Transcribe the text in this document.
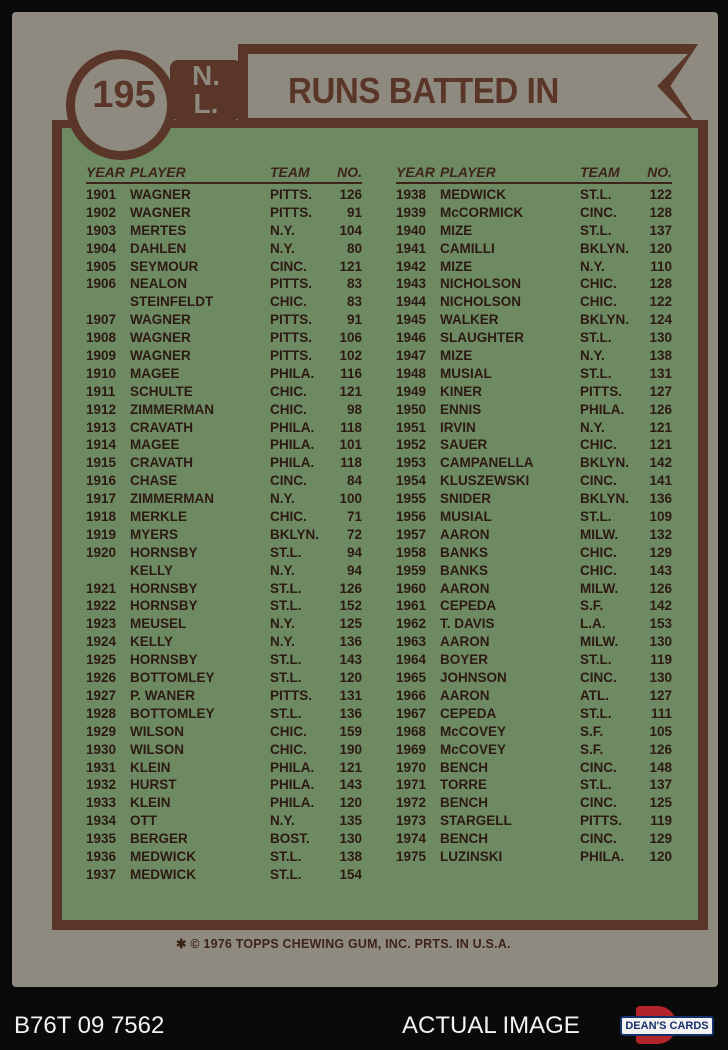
RUNS BATTED IN
195	N.
L.
YEAR PLAYER	TEAM	NO.
1901	WAGNER	PITTS.	126
1902	WAGNER	PITTS.	91
1903	MERTES	N.Y.	104
1904	DAHLEN	N.Y.	80
1905	SEYMOUR	CINC.	121
1906	NEALON	PITTS.	83
STEINFELDT	CHIC.	83
1907	WAGNER	PITTS.	91
1908	WAGNER	PITTS.	106
1909	WAGNER	PITTS.	102
1910	MAGEE	PHILA.	116
1911	SCHULTE	CHIC.	121
1912	ZIMMERMAN	CHIC.	98
1913	CRAVATH	PHILA.	118
1914	MAGEE	PHILA.	101
1915	CRAVATH	PHILA.	118
1916	CHASE	CINC.	84
1917	ZIMMERMAN	N.Y.	100
1918	MERKLE	CHIC.	71
1919	MYERS	BKLYN.	72
1920	HORNSBY	ST.L.	94
KELLY	N.Y.	94
1921	HORNSBY	ST.L.	126
1922	HORNSBY	ST.L.	152
1923	MEUSEL	N.Y.	125
1924	KELLY	N.Y.	136
1925	HORNSBY	ST.L.	143
1926	BOTTOMLEY	ST.L.	120
1927	P. WANER	PITTS.	131
1928	BOTTOMLEY	ST.L.	136
1929	WILSON	CHIC.	159
1930	WILSON	CHIC.	190
1931	KLEIN	PHILA.	121
1932	HURST	PHILA.	143
1933	KLEIN	PHILA.	120
1934	OTT	N.Y.	135
1935	BERGER	BOST.	130
1936	MEDWICK	ST.L.	138
1937	MEDWICK	ST.L.	154
YEAR PLAYER	TEAM	NO.
1938	MEDWICK	ST.L.	122
1939	McCORMICK	CINC.	128
1940	MIZE	ST.L.	137
1941	CAMILLI	BKLYN.	120
1942	MIZE	N.Y.	110
1943	NICHOLSON	CHIC.	128
1944	NICHOLSON	CHIC.	122
1945	WALKER	BKLYN.	124
1946	SLAUGHTER	ST.L.	130
1947	MIZE	N.Y.	138
1948	MUSIAL	ST.L.	131
1949	KINER	PITTS.	127
1950	ENNIS	PHILA.	126
1951	IRVIN	N.Y.	121
1952	SAUER	CHIC.	121
1953	CAMPANELLA	BKLYN.	142
1954	KLUSZEWSKI	CINC.	141
1955	SNIDER	BKLYN.	136
1956	MUSIAL	ST.L.	109
1957	AARON	MILW.	132
1958	BANKS	CHIC.	129
1959	BANKS	CHIC.	143
1960	AARON	MILW.	126
1961	CEPEDA	S.F.	142
1962	T. DAVIS	L.A.	153
1963	AARON	MILW.	130
1964	BOYER	ST.L.	119
1965	JOHNSON	CINC.	130
1966	AARON	ATL.	127
1967	CEPEDA	ST.L.	111
1968	McCOVEY	S.F.	105
1969	McCOVEY	S.F.	126
1970	BENCH	CINC.	148
1971	TORRE	ST.L.	137
1972	BENCH	CINC.	125
1973	STARGELL	PITTS.	119
1974	BENCH	CINC.	129
1975	LUZINSKI	PHILA.	120
✱ © 1976 TOPPS CHEWING GUM, INC. PRTS. IN U.S.A.
B76T 09 7562	ACTUAL IMAGE	DEAN'S CARDS
